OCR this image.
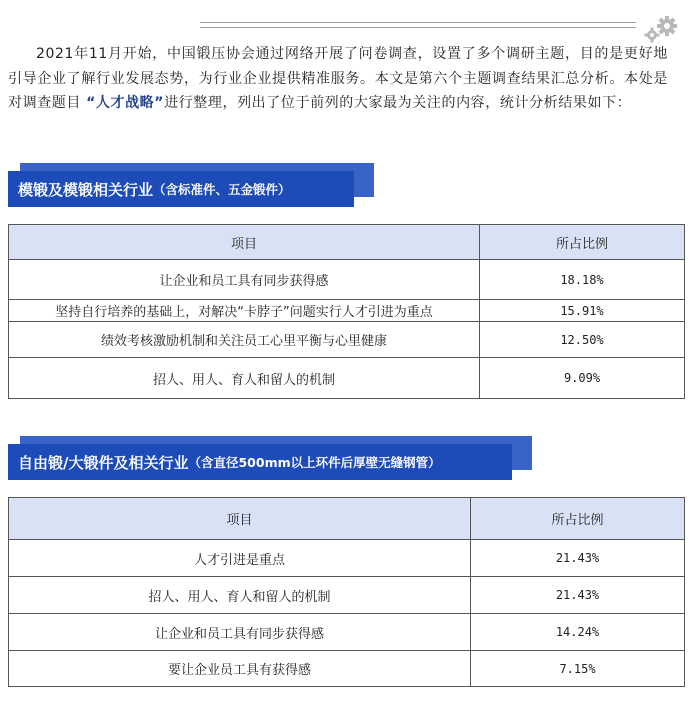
2021年11月开始，中国锻压协会通过网络开展了问卷调查，设置了多个调研主题，目的是更好地引导企业了解行业发展态势，为行业企业提供精准服务。本文是第六个主题调查结果汇总分析。本处是对调查题目 “人才战略”进行整理，列出了位于前列的大家最为关注的内容，统计分析结果如下：

模锻及模锻相关行业 （含标准件、五金锻件）
项目	所占比例
让企业和员工具有同步获得感	18.18%
坚持自行培养的基础上，对解决“卡脖子”问题实行人才引进为重点	15.91%
绩效考核激励机制和关注员工心里平衡与心里健康	12.50%
招人、用人、育人和留人的机制	9.09%
自由锻/大锻件及相关行业 （含直径500mm以上环件后厚壁无缝钢管）
项目	所占比例
人才引进是重点	21.43%
招人、用人、育人和留人的机制	21.43%
让企业和员工具有同步获得感	14.24%
要让企业员工具有获得感	7.15%
